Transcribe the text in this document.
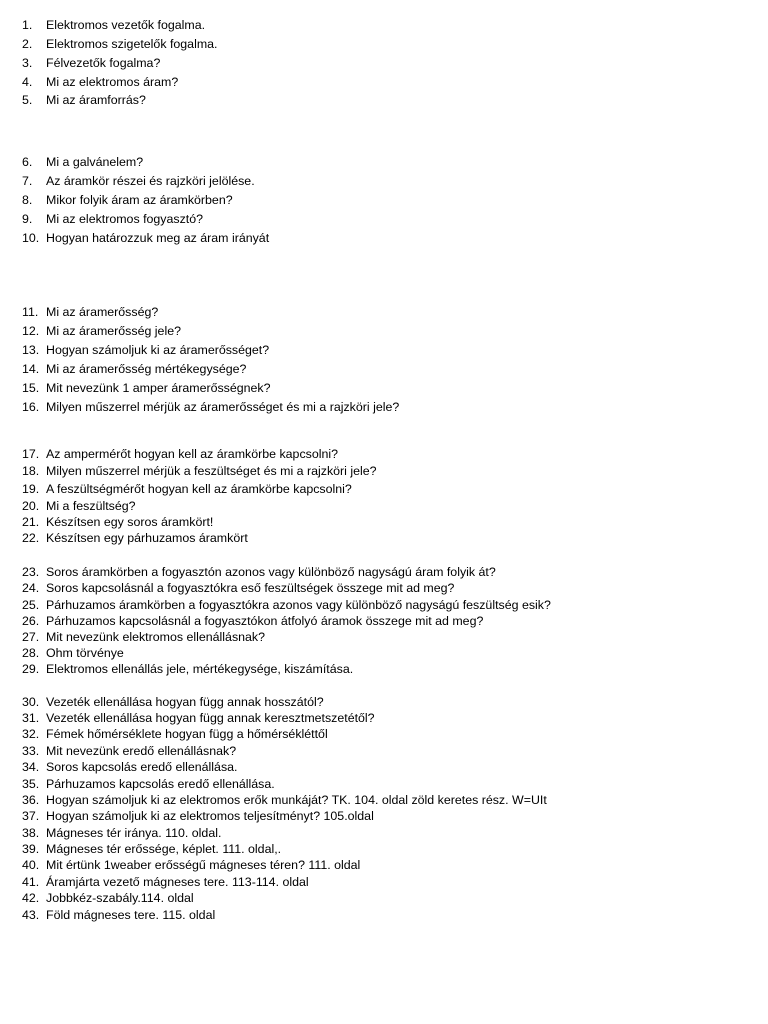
1.	Elektromos vezetők fogalma.
2.	Elektromos szigetelők fogalma.
3.	Félvezetők fogalma?
4.	Mi az elektromos áram?
5.	Mi az áramforrás?
6.	Mi a galvánelem?
7.	Az áramkör részei és rajzköri jelölése.
8.	Mikor folyik áram az áramkörben?
9.	Mi az elektromos fogyasztó?
10. Hogyan határozzuk meg az áram irányát
11. Mi az áramerősség?
12. Mi az áramerősség jele?
13. Hogyan számoljuk ki az áramerősséget?
14. Mi az áramerősség mértékegysége?
15. Mit nevezünk 1 amper áramerősségnek?
16. Milyen műszerrel mérjük az áramerősséget és mi a rajzköri jele?
17. Az ampermérőt hogyan kell az áramkörbe kapcsolni?
18. Milyen műszerrel mérjük a feszültséget és mi a rajzköri jele?
19. A feszültségmérőt hogyan kell az áramkörbe kapcsolni?
20. Mi a feszültség?
21. Készítsen egy soros áramkört!
22. Készítsen egy párhuzamos áramkört
23. Soros áramkörben a fogyasztón azonos vagy különböző nagyságú áram folyik át?
24. Soros kapcsolásnál a fogyasztókra eső feszültségek összege mit ad meg?
25. Párhuzamos áramkörben a fogyasztókra azonos vagy különböző nagyságú feszültség esik?
26. Párhuzamos kapcsolásnál a fogyasztókon átfolyó áramok összege mit ad meg?
27. Mit nevezünk elektromos ellenállásnak?
28. Ohm törvénye
29. Elektromos ellenállás jele, mértékegysége, kiszámítása.
30. Vezeték ellenállása hogyan függ annak hosszától?
31. Vezeték ellenállása hogyan függ annak keresztmetszetétől?
32. Fémek hőmérséklete hogyan függ a hőmérsékléttől
33. Mit nevezünk eredő ellenállásnak?
34. Soros kapcsolás eredő ellenállása.
35. Párhuzamos kapcsolás eredő ellenállása.
36. Hogyan számoljuk ki az elektromos erők munkáját? TK. 104. oldal zöld keretes rész. W=UIt
37. Hogyan számoljuk ki az elektromos teljesítményt? 105.oldal
38. Mágneses tér iránya. 110. oldal.
39. Mágneses tér erőssége, képlet. 111. oldal,.
40. Mit értünk 1weaber erősségű mágneses téren? 111. oldal
41. Áramjárta vezető mágneses tere. 113-114. oldal
42. Jobbkéz-szabály.114. oldal
43. Föld mágneses tere. 115. oldal
